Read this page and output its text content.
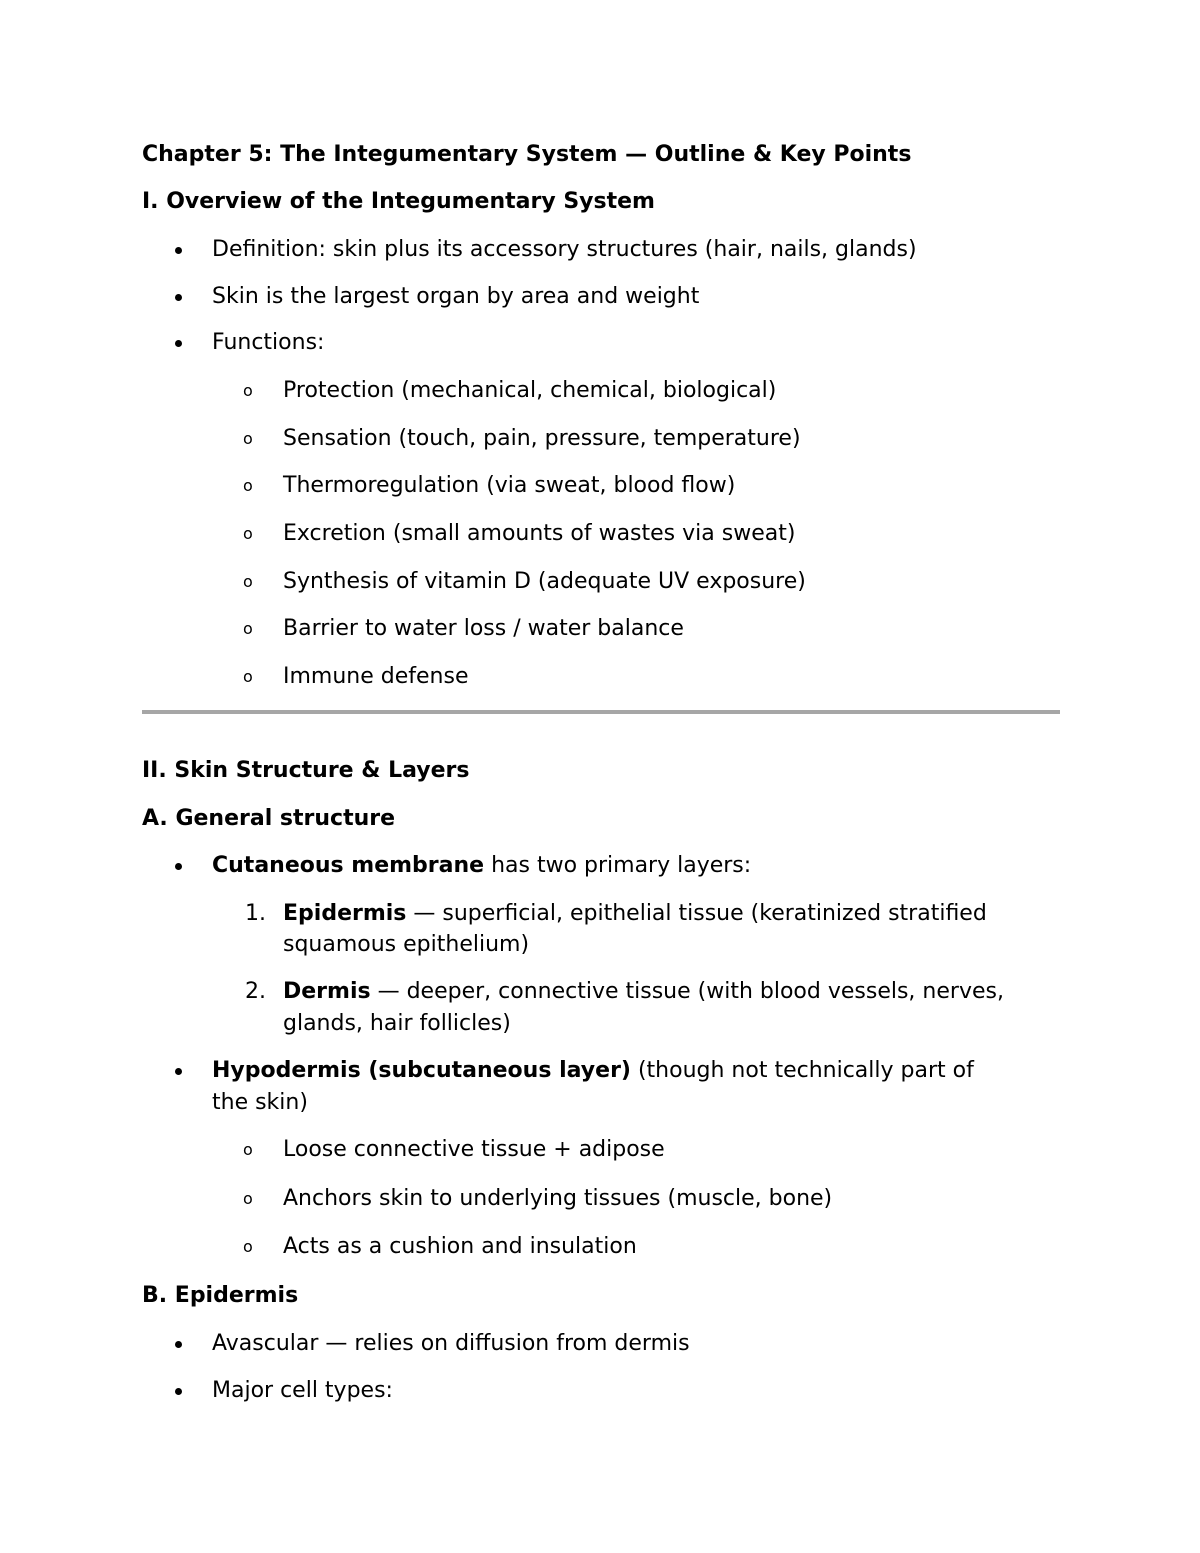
Chapter 5: The Integumentary System — Outline & Key Points
I. Overview of the Integumentary System
Definition: skin plus its accessory structures (hair, nails, glands)
Skin is the largest organ by area and weight
Functions:
o Protection (mechanical, chemical, biological)
o Sensation (touch, pain, pressure, temperature)
o Thermoregulation (via sweat, blood flow)
o Excretion (small amounts of wastes via sweat)
o Synthesis of vitamin D (adequate UV exposure)
o Barrier to water loss / water balance
o Immune defense
II. Skin Structure & Layers
A. General structure
Cutaneous membrane has two primary layers:
1. Epidermis — superficial, epithelial tissue (keratinized stratified
squamous epithelium)
2. Dermis — deeper, connective tissue (with blood vessels, nerves,
glands, hair follicles)
Hypodermis (subcutaneous layer) (though not technically part of
the skin)
o Loose connective tissue + adipose
o Anchors skin to underlying tissues (muscle, bone)
o Acts as a cushion and insulation
B. Epidermis
Avascular — relies on diffusion from dermis
Major cell types:
